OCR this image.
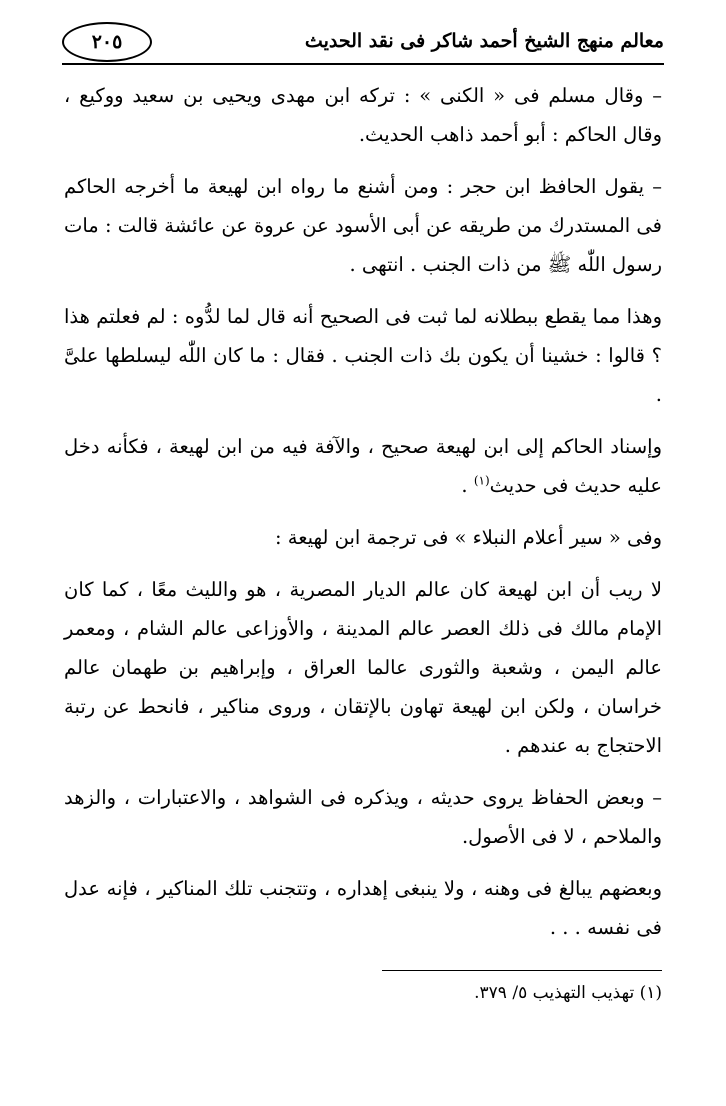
معالم منهج الشيخ أحمد شاكر فى نقد الحديث
٢٠٥

– وقال مسلم فى « الكنى » : تركه ابن مهدى ويحيى بن سعيد ووكيع ، وقال الحاكم : أبو أحمد ذاهب الحديث.

– يقول الحافظ ابن حجر : ومن أشنع ما رواه ابن لهيعة ما أخرجه الحاكم فى المستدرك من طريقه عن أبى الأسود عن عروة عن عائشة قالت : مات رسول اللّٰه ﷺ من ذات الجنب . انتهى .

وهذا مما يقطع ببطلانه لما ثبت فى الصحيح أنه قال لما لدُّوه : لم فعلتم هذا ؟ قالوا : خشينا أن يكون بك ذات الجنب . فقال : ما كان اللّٰه ليسلطها علىَّ .

وإسناد الحاكم إلى ابن لهيعة صحيح ، والآفة فيه من ابن لهيعة ، فكأنه دخل عليه حديث فى حديث$^{(١)}$ .

وفى « سير أعلام النبلاء » فى ترجمة ابن لهيعة :

لا ريب أن ابن لهيعة كان عالم الديار المصرية ، هو والليث معًا ، كما كان الإمام مالك فى ذلك العصر عالم المدينة ، والأوزاعى عالم الشام ، ومعمر عالم اليمن ، وشعبة والثورى عالما العراق ، وإبراهيم بن طهمان عالم خراسان ، ولكن ابن لهيعة تهاون بالإتقان ، وروى مناكير ، فانحط عن رتبة الاحتجاج به عندهم .

– وبعض الحفاظ يروى حديثه ، ويذكره فى الشواهد ، والاعتبارات ، والزهد والملاحم ، لا فى الأصول.

وبعضهم يبالغ فى وهنه ، ولا ينبغى إهداره ، وتتجنب تلك المناكير ، فإنه عدل فى نفسه . . .

(١) تهذيب التهذيب ٥/ ٣٧٩.
